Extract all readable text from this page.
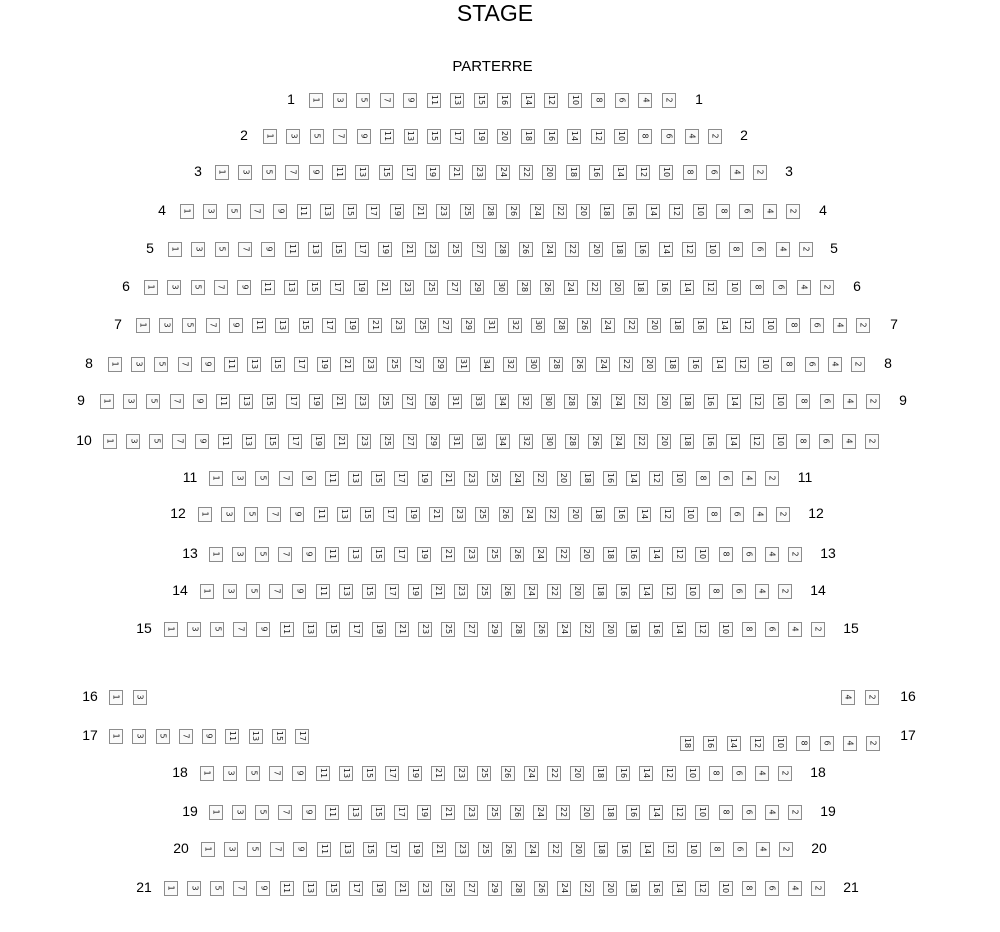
STAGE
PARTERRE
1	1
1 3 5 7 9 11 13 15 16 14 12 10 8 6 4 2
2	2
1 3 5 7 9 11 13 15 17 19 20 18 16 14 12 10 8 6 4 2
3	3
1 3 5 7 9 11 13 15 17 19 21 23 24 22 20 18 16 14 12 10 8 6 4 2
4	4
1 3 5 7 9 11 13 15 17 19 21 23 25 28 26 24 22 20 18 16 14 12 10 8 6 4 2
5	5
1 3 5 7 9 11 13 15 17 19 21 23 25 27 28 26 24 22 20 18 16 14 12 10 8 6 4 2
6	6
1 3 5 7 9 11 13 15 17 19 21 23 25 27 29 30 28 26 24 22 20 18 16 14 12 10 8 6 4 2
7	7
1 3 5 7 9 11 13 15 17 19 21 23 25 27 29 31 32 30 28 26 24 22 20 18 16 14 12 10 8 6 4 2
8	8
1 3 5 7 9 11 13 15 17 19 21 23 25 27 29 31 34 32 30 28 26 24 22 20 18 16 14 12 10 8 6 4 2
9	9
1 3 5 7 9 11 13 15 17 19 21 23 25 27 29 31 33 34 32 30 28 26 24 22 20 18 16 14 12 10 8 6 4 2
10	1 3 5 7 9 11 13 15 17 19 21 23 25 27 29 31 33 34 32 30 28 26 24 22 20 18 16 14 12 10 8 6 4 2
11	11
1 3 5 7 9 11 13 15 17 19 21 23 25 24 22 20 18 16 14 12 10 8 6 4 2
12	12
1 3 5 7 9 11 13 15 17 19 21 23 25 26 24 22 20 18 16 14 12 10 8 6 4 2
13	13
1 3 5 7 9 11 13 15 17 19 21 23 25 26 24 22 20 18 16 14 12 10 8 6 4 2
14	14
1 3 5 7 9 11 13 15 17 19 21 23 25 26 24 22 20 18 16 14 12 10 8 6 4 2
15	15
1 3 5 7 9 11 13 15 17 19 21 23 25 27 29 28 26 24 22 20 18 16 14 12 10 8 6 4 2
16	16
1 3	4 2
17	17
1 3 5 7 9 11 13 15 17
18 16 14 12 10 8 6 4 2
18	18
1 3 5 7 9 11 13 15 17 19 21 23 25 26 24 22 20 18 16 14 12 10 8 6 4 2
19	19
1 3 5 7 9 11 13 15 17 19 21 23 25 26 24 22 20 18 16 14 12 10 8 6 4 2
20	20
1 3 5 7 9 11 13 15 17 19 21 23 25 26 24 22 20 18 16 14 12 10 8 6 4 2
21	21
1 3 5 7 9 11 13 15 17 19 21 23 25 27 29 28 26 24 22 20 18 16 14 12 10 8 6 4 2
